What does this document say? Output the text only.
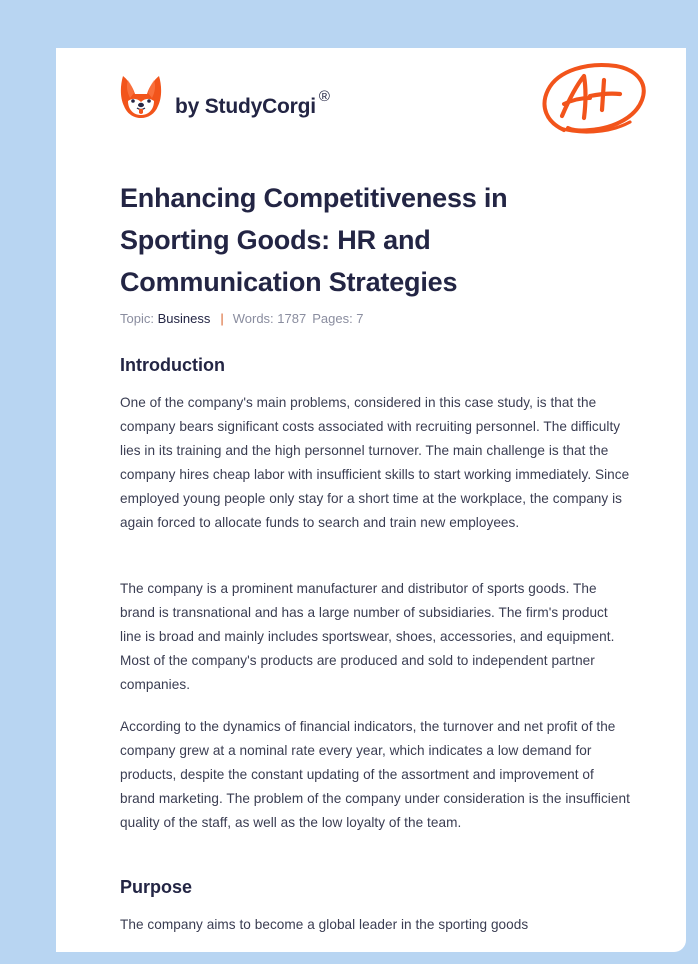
by StudyCorgi ®
Enhancing Competitiveness in Sporting Goods: HR and Communication Strategies
Topic: Business | Words: 1787 Pages: 7
Introduction

One of the company's main problems, considered in this case study, is that the company bears significant costs associated with recruiting personnel. The difficulty lies in its training and the high personnel turnover. The main challenge is that the company hires cheap labor with insufficient skills to start working immediately. Since employed young people only stay for a short time at the workplace, the company is again forced to allocate funds to search and train new employees.

The company is a prominent manufacturer and distributor of sports goods. The brand is transnational and has a large number of subsidiaries. The firm's product line is broad and mainly includes sportswear, shoes, accessories, and equipment. Most of the company's products are produced and sold to independent partner companies.

According to the dynamics of financial indicators, the turnover and net profit of the company grew at a nominal rate every year, which indicates a low demand for products, despite the constant updating of the assortment and improvement of brand marketing. The problem of the company under consideration is the insufficient quality of the staff, as well as the low loyalty of the team.

Purpose

The company aims to become a global leader in the sporting goods
